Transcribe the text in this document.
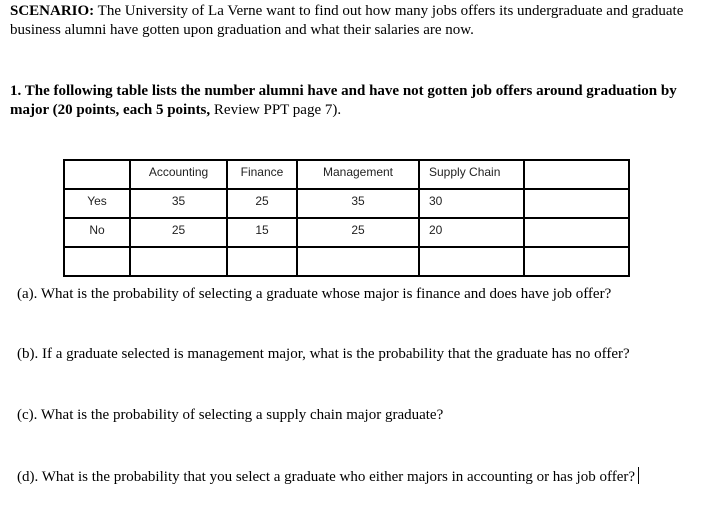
SCENARIO: The University of La Verne want to find out how many jobs offers its undergraduate and graduate business alumni have gotten upon graduation and what their salaries are now.
1. The following table lists the number alumni have and have not gotten job offers around graduation by major (20 points, each 5 points, Review PPT page 7).

	Accounting	Finance	Management	Supply Chain	

Yes	35	25	35	30	

No	25	15	25	20	

(a). What is the probability of selecting a graduate whose major is finance and does have job offer?
(b). If a graduate selected is management major, what is the probability that the graduate has no offer?
(c). What is the probability of selecting a supply chain major graduate?
(d). What is the probability that you select a graduate who either majors in accounting or has job offer?
